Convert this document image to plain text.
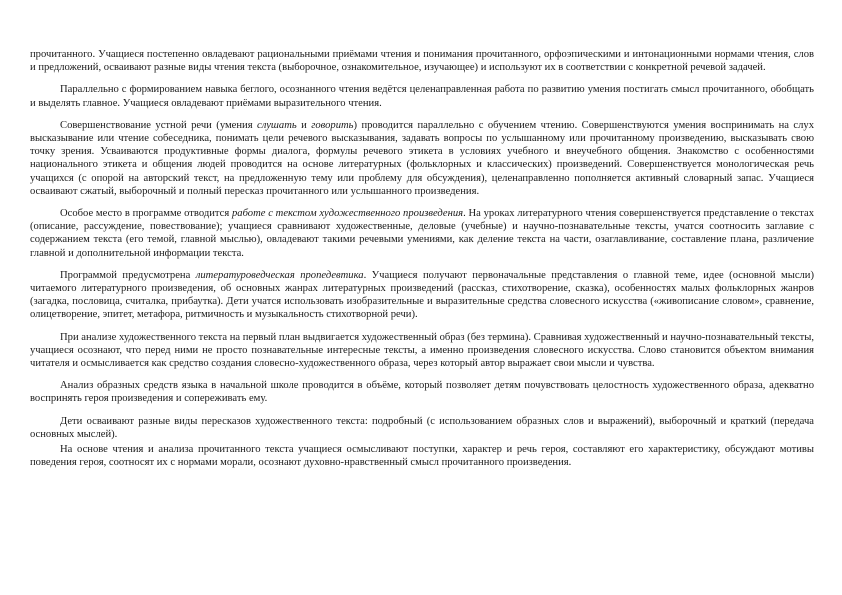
прочитанного. Учащиеся постепенно овладевают рациональными приёмами чтения и понимания прочитанного, орфоэпическими и интонационными нормами чтения, слов и предложений, осваивают разные виды чтения текста (выборочное, ознакомительное, изучающее) и используют их в соответствии с конкретной речевой задачей.

Параллельно с формированием навыка беглого, осознанного чтения ведётся целенаправленная работа по развитию умения постигать смысл прочитанного, обобщать и выделять главное. Учащиеся овладевают приёмами выразительного чтения.

Совершенствование устной речи (умения слушать и говорить) проводится параллельно с обучением чтению. Совершенствуются умения воспринимать на слух высказывание или чтение собеседника, понимать цели речевого высказывания, задавать вопросы по услышанному или прочитанному произведению, высказывать свою точку зрения. Усваиваются продуктивные формы диалога, формулы речевого этикета в условиях учебного и внеучебного общения. Знакомство с особенностями национального этикета и общения людей проводится на основе литературных (фольклорных и классических) произведений. Совершенствуется монологическая речь учащихся (с опорой на авторский текст, на предложенную тему или проблему для обсуждения), целенаправленно пополняется активный словарный запас. Учащиеся осваивают сжатый, выборочный и полный пересказ прочитанного или услышанного произведения.

Особое место в программе отводится работе с текстом художественного произведения. На уроках литературного чтения совершенствуется представление о текстах (описание, рассуждение, повествование); учащиеся сравнивают художественные, деловые (учебные) и научно-познавательные тексты, учатся соотносить заглавие с содержанием текста (его темой, главной мыслью), овладевают такими речевыми умениями, как деление текста на части, озаглавливание, составление плана, различение главной и дополнительной информации текста.

Программой предусмотрена литературоведческая пропедевтика. Учащиеся получают первоначальные представления о главной теме, идее (основной мысли) читаемого литературного произведения, об основных жанрах литературных произведений (рассказ, стихотворение, сказка), особенностях малых фольклорных жанров (загадка, пословица, считалка, прибаутка). Дети учатся использовать изобразительные и выразительные средства словесного искусства («живописание словом», сравнение, олицетворение, эпитет, метафора, ритмичность и музыкальность стихотворной речи).

При анализе художественного текста на первый план выдвигается художественный образ (без термина). Сравнивая художественный и научно-познавательный тексты, учащиеся осознают, что перед ними не просто познавательные интересные тексты, а именно произведения словесного искусства. Слово становится объектом внимания читателя и осмысливается как средство создания словесно-художественного образа, через который автор выражает свои мысли и чувства.

Анализ образных средств языка в начальной школе проводится в объёме, который позволяет детям почувствовать целостность художественного образа, адекватно воспринять героя произведения и сопереживать ему.

Дети осваивают разные виды пересказов художественного текста: подробный (с использованием образных слов и выражений), выборочный и краткий (передача основных мыслей).

На основе чтения и анализа прочитанного текста учащиеся осмысливают поступки, характер и речь героя, составляют его характеристику, обсуждают мотивы поведения героя, соотносят их с нормами морали, осознают духовно-нравственный смысл прочитанного произведения.
